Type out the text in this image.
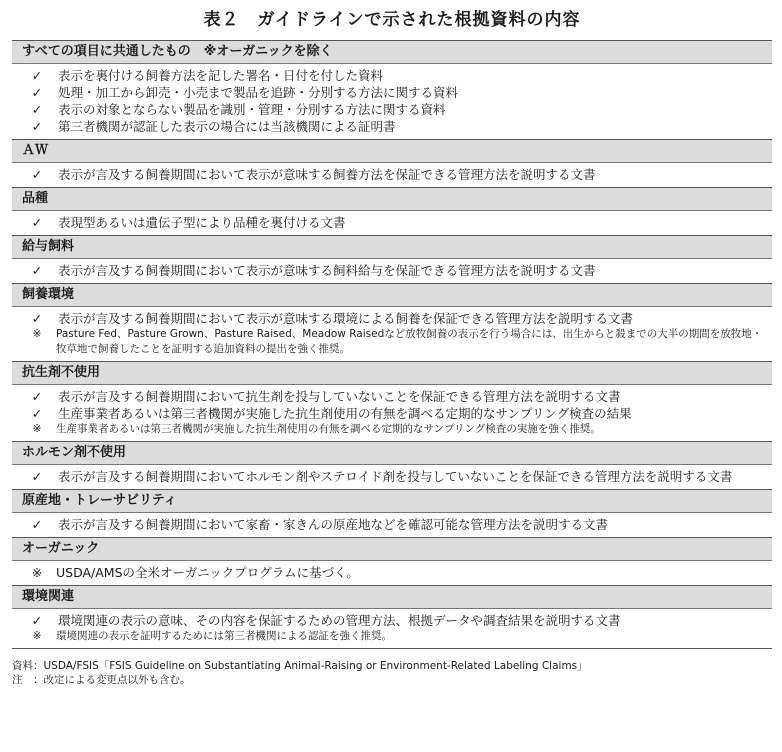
表２　ガイドラインで示された根拠資料の内容
すべての項目に共通したもの　※オーガニックを除く
✓	表示を裏付ける飼養方法を記した署名・日付を付した資料
✓	処理・加工から卸売・小売まで製品を追跡・分別する方法に関する資料
✓	表示の対象とならない製品を識別・管理・分別する方法に関する資料
✓	第三者機関が認証した表示の場合には当該機関による証明書
ＡＷ
✓	表示が言及する飼養期間において表示が意味する飼養方法を保証できる管理方法を説明する文書
品種
✓	表現型あるいは遺伝子型により品種を裏付ける文書
給与飼料
✓	表示が言及する飼養期間において表示が意味する飼料給与を保証できる管理方法を説明する文書
飼養環境
✓	表示が言及する飼養期間において表示が意味する環境による飼養を保証できる管理方法を説明する文書
※	Pasture Fed、Pasture Grown、Pasture Raised、Meadow Raisedなど放牧飼養の表示を行う場合には、出生からと殺までの大半の期間を放牧地・牧草地で飼養したことを証明する追加資料の提出を強く推奨。
抗生剤不使用
✓	表示が言及する飼養期間において抗生剤を投与していないことを保証できる管理方法を説明する文書
✓	生産事業者あるいは第三者機関が実施した抗生剤使用の有無を調べる定期的なサンプリング検査の結果
※	生産事業者あるいは第三者機関が実施した抗生剤使用の有無を調べる定期的なサンプリング検査の実施を強く推奨。
ホルモン剤不使用
✓	表示が言及する飼養期間においてホルモン剤やステロイド剤を投与していないことを保証できる管理方法を説明する文書
原産地・トレーサビリティ
✓	表示が言及する飼養期間において家畜・家きんの原産地などを確認可能な管理方法を説明する文書
オーガニック
※	USDA/AMSの全米オーガニックプログラムに基づく。
環境関連
✓	環境関連の表示の意味、その内容を保証するための管理方法、根拠データや調査結果を説明する文書
※	環境関連の表示を証明するためには第三者機関による認証を強く推奨。
資料：USDA/FSIS「FSIS Guideline on Substantiating Animal-Raising or Environment-Related Labeling Claims」
注　：改定による変更点以外も含む。
